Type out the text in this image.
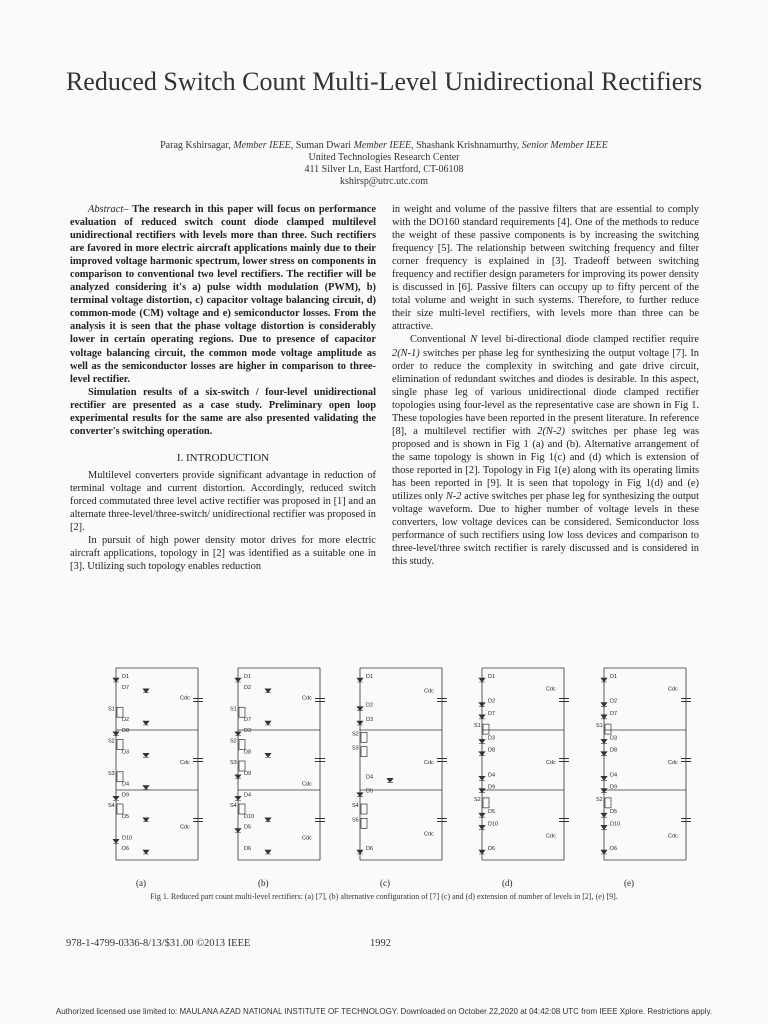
Reduced Switch Count Multi-Level Unidirectional Rectifiers
Parag Kshirsagar, Member IEEE, Suman Dwari Member IEEE, Shashank Krishnamurthy, Senior Member IEEE
United Technologies Research Center
411 Silver Ln, East Hartford, CT-06108
kshirsp@utrc.utc.com

Abstract– The research in this paper will focus on performance evaluation of reduced switch count diode clamped multilevel unidirectional rectifiers with levels more than three. Such rectifiers are favored in more electric aircraft applications mainly due to their improved voltage harmonic spectrum, lower stress on components in comparison to conventional two level rectifiers. The rectifier will be analyzed considering it's a) pulse width modulation (PWM), b) terminal voltage distortion, c) capacitor voltage balancing circuit, d) common-mode (CM) voltage and e) semiconductor losses. From the analysis it is seen that the phase voltage distortion is considerably lower in certain operating regions. Due to presence of capacitor voltage balancing circuit, the common mode voltage amplitude as well as the semiconductor losses are higher in comparison to three-level rectifier.

Simulation results of a six-switch / four-level unidirectional rectifier are presented as a case study. Preliminary open loop experimental results for the same are also presented validating the converter's switching operation.

I. INTRODUCTION

Multilevel converters provide significant advantage in reduction of terminal voltage and current distortion. Accordingly, reduced switch forced commutated three level active rectifier was proposed in [1] and an alternate three-level/three-switch/ unidirectional rectifier was proposed in [2].

In pursuit of high power density motor drives for more electric aircraft applications, topology in [2] was identified as a suitable one in [3]. Utilizing such topology enables reduction

in weight and volume of the passive filters that are essential to comply with the DO160 standard requirements [4]. One of the methods to reduce the weight of these passive components is by increasing the switching frequency [5]. The relationship between switching frequency and filter corner frequency is explained in [3]. Tradeoff between switching frequency and rectifier design parameters for improving its power density is discussed in [6]. Passive filters can occupy up to fifty percent of the total volume and weight in such systems. Therefore, to further reduce their size multi-level rectifiers, with levels more than three can be attractive.

Conventional N level bi-directional diode clamped rectifier require 2(N-1) switches per phase leg for synthesizing the output voltage [7]. In order to reduce the complexity in switching and gate drive circuit, elimination of redundant switches and diodes is desirable. In this aspect, single phase leg of various unidirectional diode clamped rectifier topologies using four-level as the representative case are shown in Fig 1. These topologies have been reported in the present literature. In reference [8], a multilevel rectifier with 2(N-2) switches per phase leg was proposed and is shown in Fig 1 (a) and (b). Alternative arrangement of the same topology is shown in Fig 1(c) and (d) which is extension of those reported in [2]. Topology in Fig 1(e) along with its operating limits has been reported in [9]. It is seen that topology in Fig 1(d) and (e) utilizes only N-2 active switches per phase leg for synthesizing the output voltage waveform. Due to higher number of voltage levels in these converters, low voltage devices can be considered. Semiconductor loss performance of such rectifiers using low loss devices and comparison to three-level/three switch rectifier is rarely discussed and is considered in this study.

D1
D7
Cdc
S1
D2
D8
S2
D3
Cdc
S3
D4
D9
S4
D5
Cdc
D10
D6
(a)
D1
D2
Cdc
S1
D7
D3
S2
D8
S3
D9
Cdc
D4
S4
D10
D5
Cdc
D6
(b)
D1
Cdc
D2
D3
S2
S3
Cdc
D4
D5
S4
S5
Cdc
D6
(c)
D1
Cdc
D2
D7
S1
D3
D8
Cdc
D4
D9
S2
D5
D10
Cdc
D6
(d)
D1
Cdc
D2
D7
S1
D3
D8
Cdc
D4
D9
S2
D5
D10
Cdc
D6
(e)
Fig 1. Reduced part count multi-level rectifiers: (a) [7], (b) alternative configuration of [7] (c) and (d) extension of number of levels in [2], (e) [9].
978-1-4799-0336-8/13/$31.00 ©2013 IEEE	1992
Authorized licensed use limited to: MAULANA AZAD NATIONAL INSTITUTE OF TECHNOLOGY. Downloaded on October 22,2020 at 04:42:08 UTC from IEEE Xplore. Restrictions apply.
